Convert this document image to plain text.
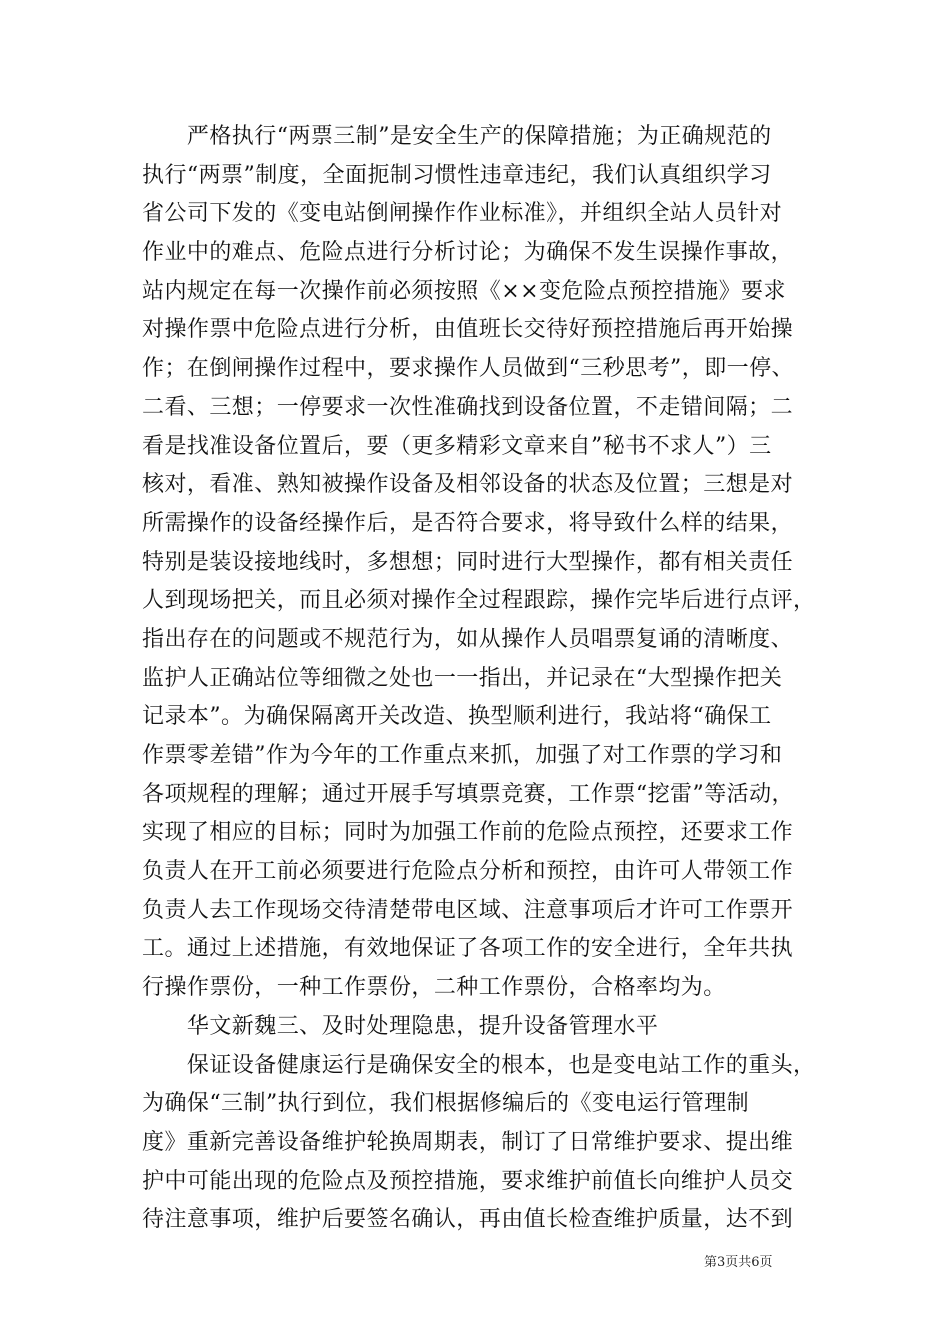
　　严格执行“两票三制”是安全生产的保障措施；为正确规范的
执行“两票”制度，全面扼制习惯性违章违纪，我们认真组织学习
省公司下发的《变电站倒闸操作作业标准》，并组织全站人员针对
作业中的难点、危险点进行分析讨论；为确保不发生误操作事故，
站内规定在每一次操作前必须按照《××变危险点预控措施》要求
对操作票中危险点进行分析，由值班长交待好预控措施后再开始操
作；在倒闸操作过程中，要求操作人员做到“三秒思考”，即一停、
二看、三想；一停要求一次性准确找到设备位置，不走错间隔；二
看是找准设备位置后，要（更多精彩文章来自”秘书不求人”）三
核对，看准、熟知被操作设备及相邻设备的状态及位置；三想是对
所需操作的设备经操作后，是否符合要求，将导致什么样的结果，
特别是装设接地线时，多想想；同时进行大型操作，都有相关责任
人到现场把关，而且必须对操作全过程跟踪，操作完毕后进行点评，
指出存在的问题或不规范行为，如从操作人员唱票复诵的清晰度、
监护人正确站位等细微之处也一一指出，并记录在“大型操作把关
记录本”。为确保隔离开关改造、换型顺利进行，我站将“确保工
作票零差错”作为今年的工作重点来抓，加强了对工作票的学习和
各项规程的理解；通过开展手写填票竞赛，工作票“挖雷”等活动，
实现了相应的目标；同时为加强工作前的危险点预控，还要求工作
负责人在开工前必须要进行危险点分析和预控，由许可人带领工作
负责人去工作现场交待清楚带电区域、注意事项后才许可工作票开
工。通过上述措施，有效地保证了各项工作的安全进行，全年共执
行操作票份，一种工作票份，二种工作票份，合格率均为。
　　华文新魏三、及时处理隐患，提升设备管理水平
　　保证设备健康运行是确保安全的根本，也是变电站工作的重头，
为确保“三制”执行到位，我们根据修编后的《变电运行管理制
度》重新完善设备维护轮换周期表，制订了日常维护要求、提出维
护中可能出现的危险点及预控措施，要求维护前值长向维护人员交
待注意事项，维护后要签名确认，再由值长检查维护质量，达不到
第3页共6页
